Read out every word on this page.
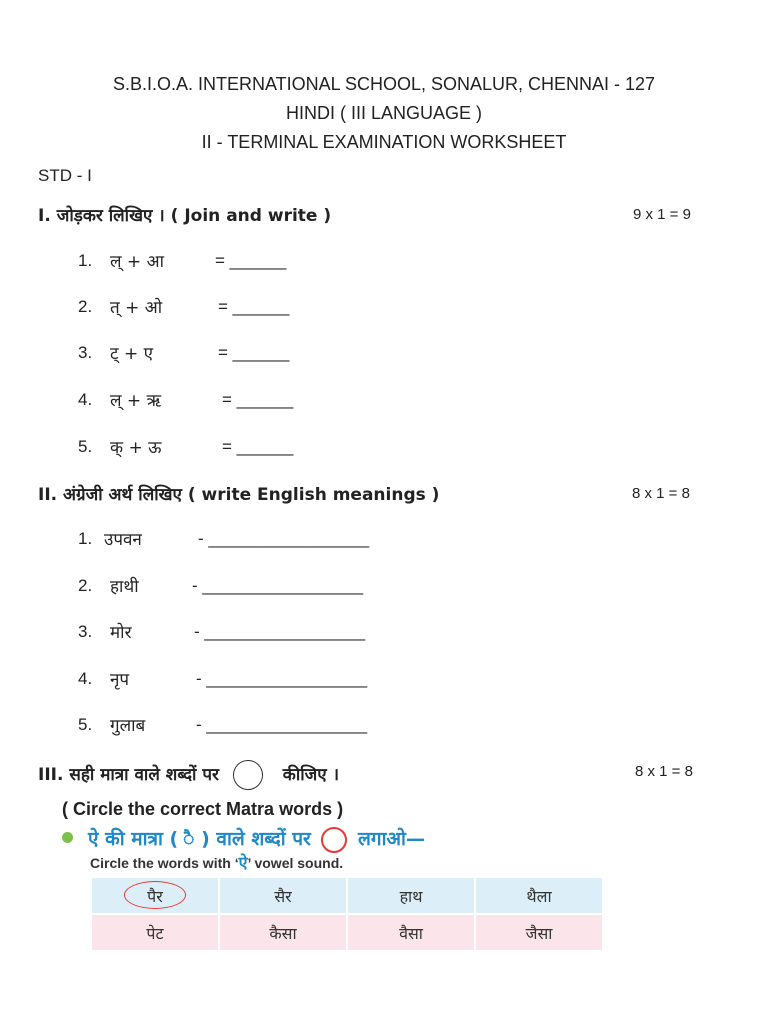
S.B.I.O.A. INTERNATIONAL SCHOOL, SONALUR, CHENNAI - 127
HINDI ( III LANGUAGE )
II - TERMINAL EXAMINATION WORKSHEET
STD - I
I. जोड़कर लिखिए । ( Join and write )	9 x 1 = 9
1. ल् + आ	= ______
2. त् + ओ	= ______
3. ट् + ए	= ______
4. ल् + ऋ	= ______
5. क् + ऊ	= ______
II. अंग्रेजी अर्थ लिखिए ( write English meanings )	8 x 1 = 8
1. उपवन	- _________________
2. हाथी	- _________________
3. मोर	- _________________
4. नृप	- _________________
5. गुलाब	- _________________
III. सही मात्रा वाले शब्दों पर	कीजिए ।	8 x 1 = 8
( Circle the correct Matra words )
ऐ की मात्रा ( ै ) वाले शब्दों पर लगाओ—
Circle the words with ‘ऐ’ vowel sound.
पैर	सैर	हाथ	थैला
पेट	कैसा	वैसा	जैसा
